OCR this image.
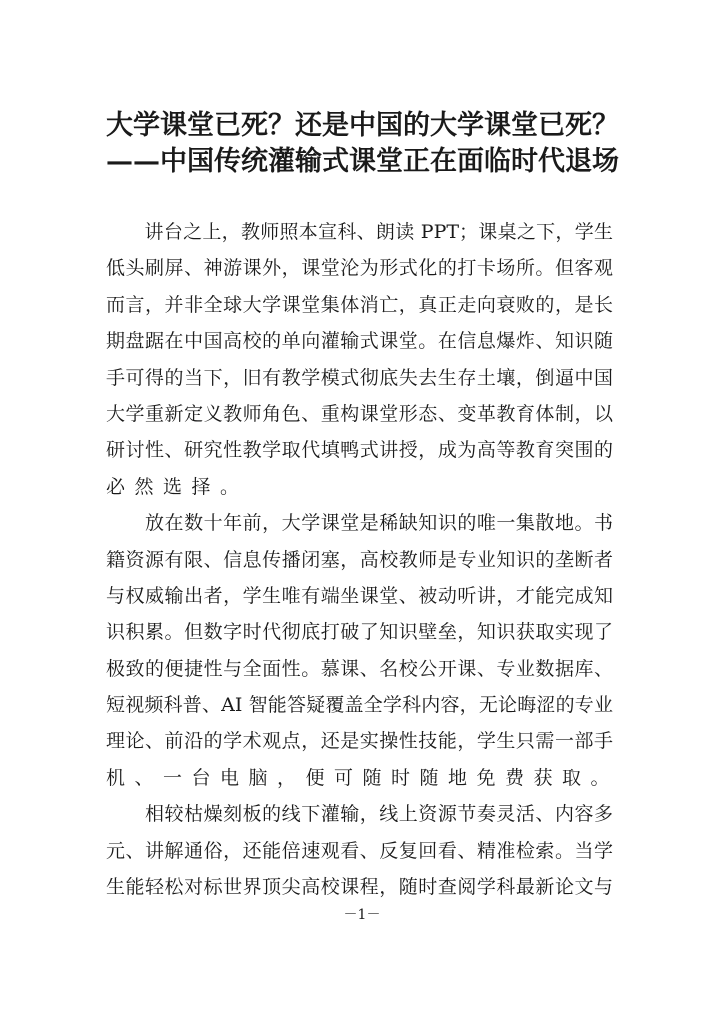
大学课堂已死？还是中国的大学课堂已死？
——中国传统灌输式课堂正在面临时代退场
　　讲台之上，教师照本宣科、朗读 PPT；课桌之下，学生
低头刷屏、神游课外，课堂沦为形式化的打卡场所。但客观
而言，并非全球大学课堂集体消亡，真正走向衰败的，是长
期盘踞在中国高校的单向灌输式课堂。在信息爆炸、知识随
手可得的当下，旧有教学模式彻底失去生存土壤，倒逼中国
大学重新定义教师角色、重构课堂形态、变革教育体制，以
研讨性、研究性教学取代填鸭式讲授，成为高等教育突围的
必然选择。
　　放在数十年前，大学课堂是稀缺知识的唯一集散地。书
籍资源有限、信息传播闭塞，高校教师是专业知识的垄断者
与权威输出者，学生唯有端坐课堂、被动听讲，才能完成知
识积累。但数字时代彻底打破了知识壁垒，知识获取实现了
极致的便捷性与全面性。慕课、名校公开课、专业数据库、
短视频科普、AI 智能答疑覆盖全学科内容，无论晦涩的专业
理论、前沿的学术观点，还是实操性技能，学生只需一部手
机、一台电脑，便可随时随地免费获取。
　　相较枯燥刻板的线下灌输，线上资源节奏灵活、内容多
元、讲解通俗，还能倍速观看、反复回看、精准检索。当学
生能轻松对标世界顶尖高校课程，随时查阅学科最新论文与
－1－
